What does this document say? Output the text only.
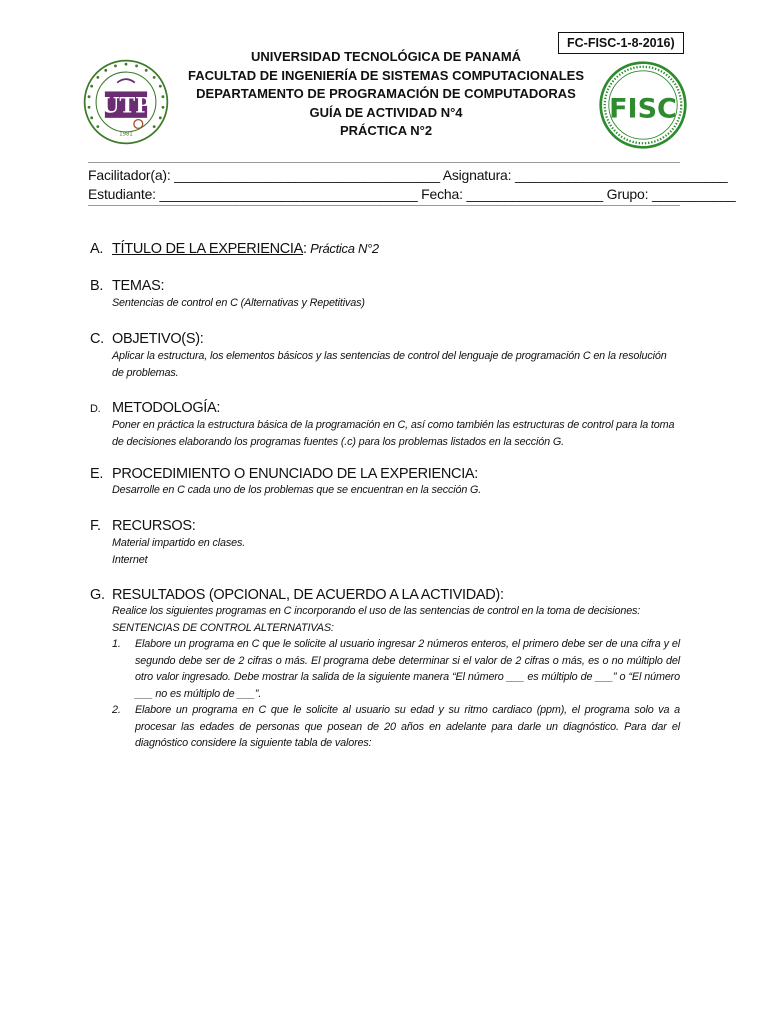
FC-FISC-1-8-2016)
UTP
1981
UNIVERSIDAD TECNOLÓGICA DE PANAMÁ
FACULTAD DE INGENIERÍA DE SISTEMAS COMPUTACIONALES
DEPARTAMENTO DE PROGRAMACIÓN DE COMPUTADORAS
GUÍA DE ACTIVIDAD N°4
PRÁCTICA N°2
FISC
Facilitador(a): ___________________________________ Asignatura: ____________________________
Estudiante: __________________________________ Fecha: __________________ Grupo: ___________
A. TÍTULO DE LA EXPERIENCIA: Práctica N°2
B. TEMAS:

Sentencias de control en C (Alternativas y Repetitivas)

C. OBJETIVO(S):

Aplicar la estructura, los elementos básicos y las sentencias de control del lenguaje de programación C en la resolución de problemas.

D. METODOLOGÍA:

Poner en práctica la estructura básica de la programación en C, así como también las estructuras de control para la toma de decisiones elaborando los programas fuentes (.c) para los problemas listados en la sección G.

E. PROCEDIMIENTO O ENUNCIADO DE LA EXPERIENCIA:

Desarrolle en C cada uno de los problemas que se encuentran en la sección G.

F. RECURSOS:

Material impartido en clases.

Internet

G. RESULTADOS (OPCIONAL, DE ACUERDO A LA ACTIVIDAD):

Realice los siguientes programas en C incorporando el uso de las sentencias de control en la toma de decisiones:

SENTENCIAS DE CONTROL ALTERNATIVAS:

1.	Elabore un programa en C que le solicite al usuario ingresar 2 números enteros, el primero debe ser de una cifra y el segundo debe ser de 2 cifras o más. El programa debe determinar si el valor de 2 cifras o más, es o no múltiplo del otro valor ingresado. Debe mostrar la salida de la siguiente manera “El número ___ es múltiplo de ___” o “El número ___ no es múltiplo de ___”.
2.	Elabore un programa en C que le solicite al usuario su edad y su ritmo cardiaco (ppm), el programa solo va a procesar las edades de personas que posean de 20 años en adelante para darle un diagnóstico. Para dar el diagnóstico considere la siguiente tabla de valores:
